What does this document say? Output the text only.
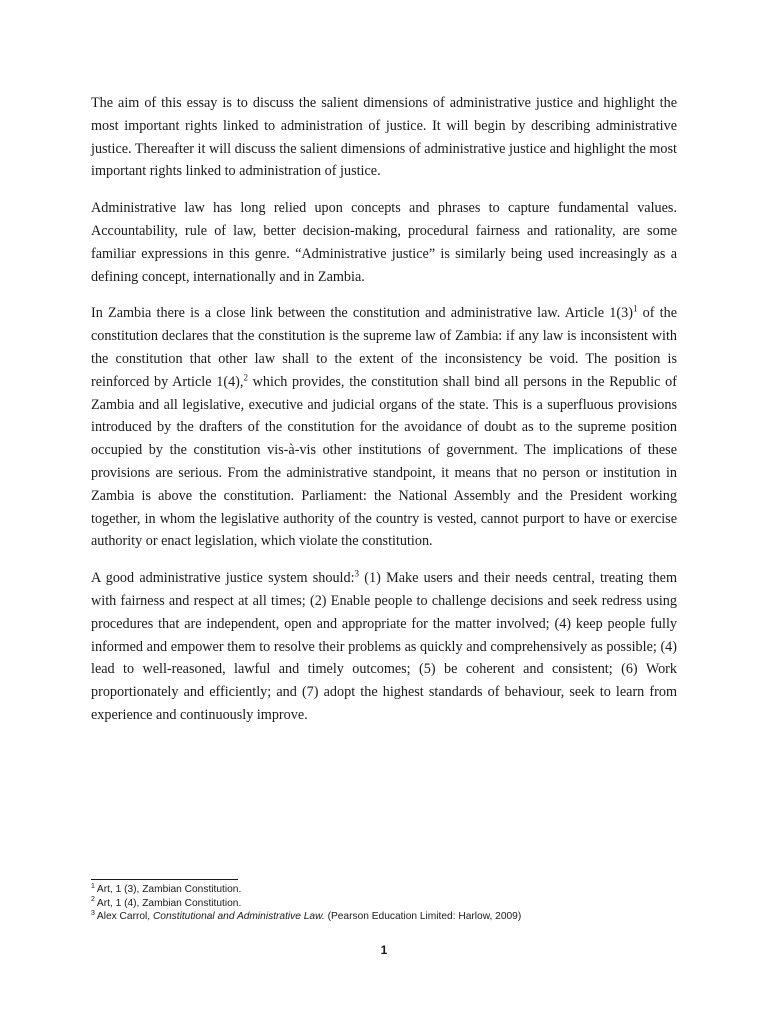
The aim of this essay is to discuss the salient dimensions of administrative justice and highlight the most important rights linked to administration of justice. It will begin by describing administrative justice. Thereafter it will discuss the salient dimensions of administrative justice and highlight the most important rights linked to administration of justice.

Administrative law has long relied upon concepts and phrases to capture fundamental values. Accountability, rule of law, better decision-making, procedural fairness and rationality, are some familiar expressions in this genre. “Administrative justice” is similarly being used increasingly as a defining concept, internationally and in Zambia.

In Zambia there is a close link between the constitution and administrative law. Article $1(3)^1$ of the constitution declares that the constitution is the supreme law of Zambia: if any law is inconsistent with the constitution that other law shall to the extent of the inconsistency be void. The position is reinforced by Article 1(4),$^2$ which provides, the constitution shall bind all persons in the Republic of Zambia and all legislative, executive and judicial organs of the state. This is a superfluous provisions introduced by the drafters of the constitution for the avoidance of doubt as to the supreme position occupied by the constitution vis-à-vis other institutions of government. The implications of these provisions are serious. From the administrative standpoint, it means that no person or institution in Zambia is above the constitution. Parliament: the National Assembly and the President working together, in whom the legislative authority of the country is vested, cannot purport to have or exercise authority or enact legislation, which violate the constitution.

A good administrative justice system should:$^3$ (1) Make users and their needs central, treating them with fairness and respect at all times; (2) Enable people to challenge decisions and seek redress using procedures that are independent, open and appropriate for the matter involved; (4) keep people fully informed and empower them to resolve their problems as quickly and comprehensively as possible; (4) lead to well-reasoned, lawful and timely outcomes; (5) be coherent and consistent; (6) Work proportionately and efficiently; and (7) adopt the highest standards of behaviour, seek to learn from experience and continuously improve.

$^1$ Art, 1 (3), Zambian Constitution.
$^2$ Art, 1 (4), Zambian Constitution.
$^3$ Alex Carrol, Constitutional and Administrative Law. (Pearson Education Limited: Harlow, 2009)
1
